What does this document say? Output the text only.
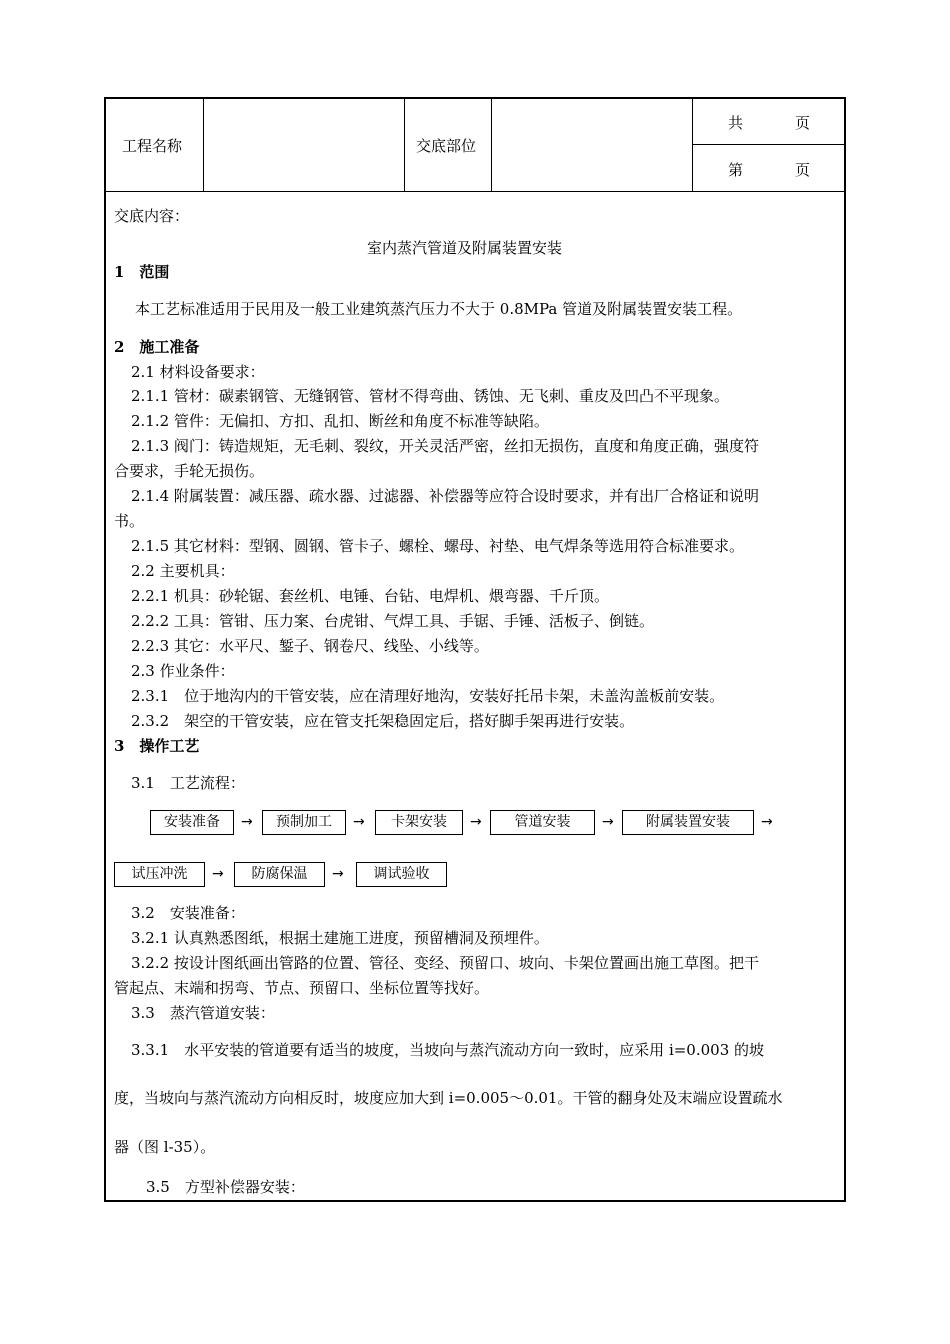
工程名称	交底部位
共	页
第	页
交底内容：
室内蒸汽管道及附属装置安装
1　范围
本工艺标准适用于民用及一般工业建筑蒸汽压力不大于 0.8MPa 管道及附属装置安装工程。
2　施工准备
2.1 材料设备要求：
2.1.1 管材：碳素钢管、无缝钢管、管材不得弯曲、锈蚀、无飞刺、重皮及凹凸不平现象。
2.1.2 管件：无偏扣、方扣、乱扣、断丝和角度不标准等缺陷。
2.1.3 阀门：铸造规矩，无毛刺、裂纹，开关灵活严密，丝扣无损伤，直度和角度正确，强度符
合要求，手轮无损伤。
2.1.4 附属装置：减压器、疏水器、过滤器、补偿器等应符合设时要求，并有出厂合格证和说明
书。
2.1.5 其它材料：型钢、圆钢、管卡子、螺栓、螺母、衬垫、电气焊条等选用符合标准要求。
2.2 主要机具：
2.2.1 机具：砂轮锯、套丝机、电锤、台钻、电焊机、煨弯器、千斤顶。
2.2.2 工具：管钳、压力案、台虎钳、气焊工具、手锯、手锤、活板子、倒链。
2.2.3 其它：水平尺、錾子、钢卷尺、线坠、小线等。
2.3 作业条件：
2.3.1　位于地沟内的干管安装，应在清理好地沟，安装好托吊卡架，未盖沟盖板前安装。
2.3.2　架空的干管安装，应在管支托架稳固定后，搭好脚手架再进行安装。
3　操作工艺
3.1　工艺流程：
安装准备	→	预制加工	→	卡架安装	→	管道安装	→	附属装置安装	→
试压冲洗	→	防腐保温	→	调试验收
3.2　安装准备：
3.2.1 认真熟悉图纸，根据土建施工进度，预留槽洞及预埋件。
3.2.2 按设计图纸画出管路的位置、管径、变经、预留口、坡向、卡架位置画出施工草图。把干
管起点、末端和拐弯、节点、预留口、坐标位置等找好。
3.3　蒸汽管道安装：
3.3.1　水平安装的管道要有适当的坡度，当坡向与蒸汽流动方向一致时，应采用 i=0.003 的坡
度，当坡向与蒸汽流动方向相反时，坡度应加大到 i=0.005～0.01。干管的翻身处及末端应设置疏水
器（图 l-35）。
3.5　方型补偿器安装：
